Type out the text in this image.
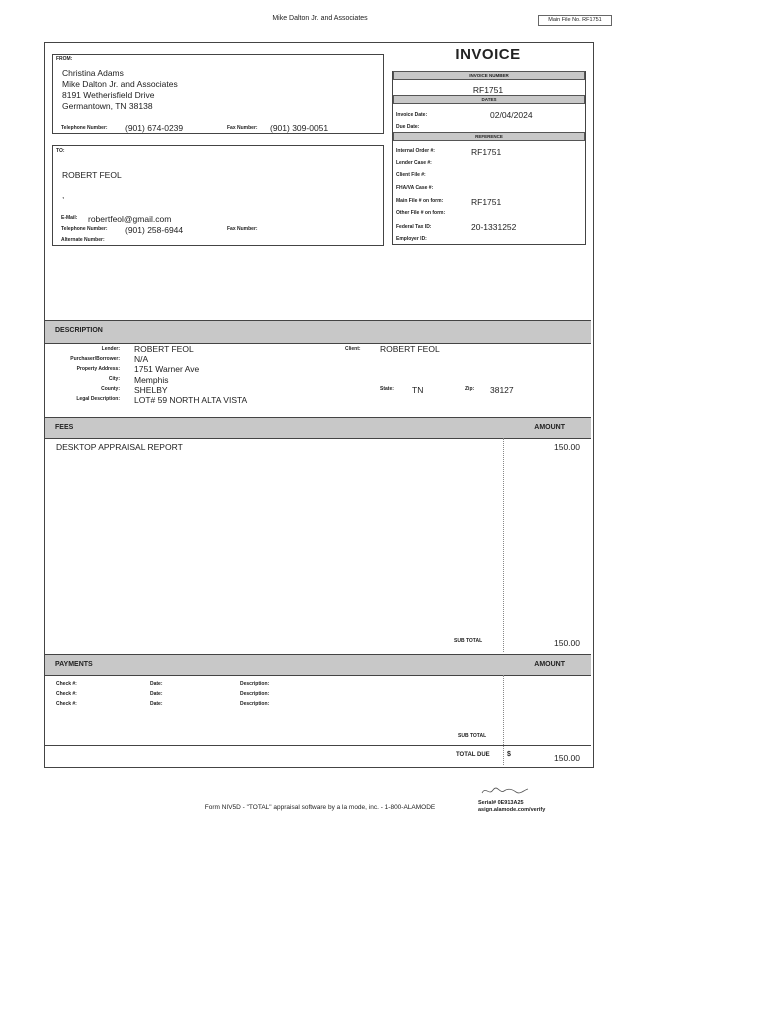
Mike Dalton Jr. and Associates	Main File No. RF1751
INVOICE
FROM:
Christina Adams
Mike Dalton Jr. and Associates
8191 Wetherisfield Drive
Germantown, TN 38138
Telephone Number: (901) 674-0239	Fax Number: (901) 309-0051
TO:
ROBERT FEOL
,
E-Mail: robertfeol@gmail.com
Telephone Number: (901) 258-6944	Fax Number:
Alternate Number:
INVOICE NUMBER
RF1751
DATES
Invoice Date:	02/04/2024
Due Date:
REFERENCE
Internal Order #:	RF1751
Lender Case #:
Client File #:
FHA/VA Case #:
Main File # on form:	RF1751
Other File # on form:
Federal Tax ID:	20-1331252
Employer ID:
DESCRIPTION
Lender: ROBERT FEOL	Client: ROBERT FEOL
Purchaser/Borrower: N/A
Property Address: 1751 Warner Ave
City: Memphis
County: SHELBY	State: TN	Zip: 38127
Legal Description: LOT# 59 NORTH ALTA VISTA
FEES	AMOUNT
DESKTOP APPRAISAL REPORT	150.00
SUB TOTAL	150.00
PAYMENTS	AMOUNT
Check #:	Date:	Description:
Check #:	Date:	Description:
Check #:	Date:	Description:
SUB TOTAL
TOTAL DUE $	150.00
Form NIV5D - "TOTAL" appraisal software by a la mode, inc. - 1-800-ALAMODE
Serial# 0E913A25
asign.alamode.com/verify
